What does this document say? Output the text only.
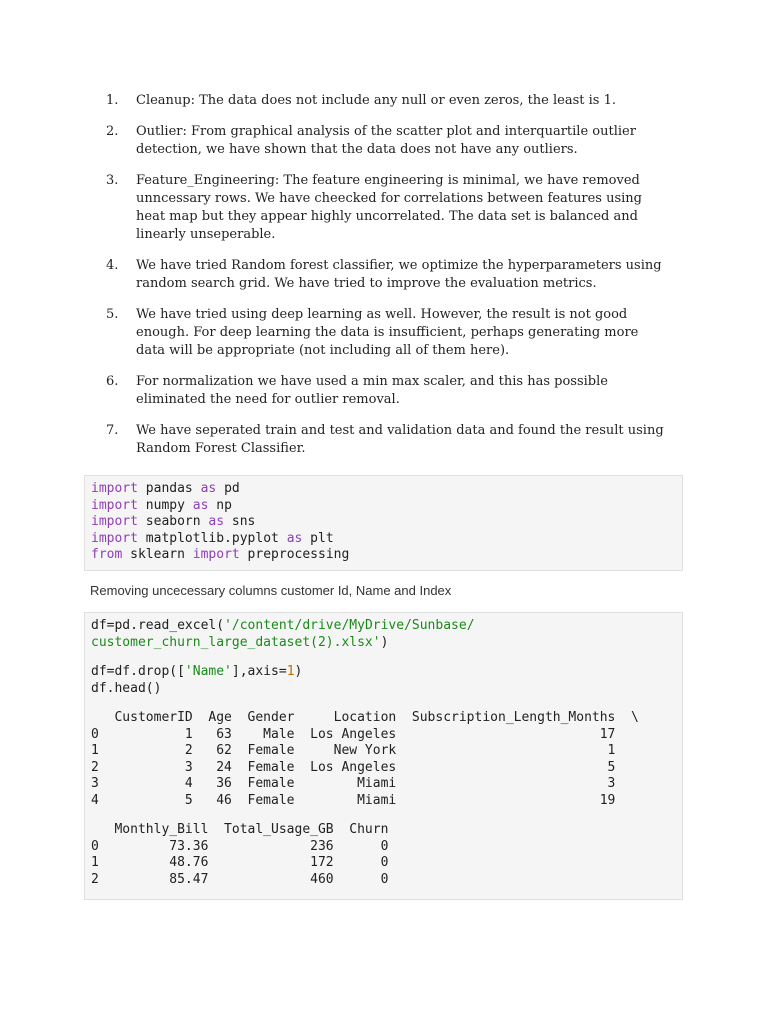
1. Cleanup: The data does not include any null or even zeros, the least is 1.
2. Outlier: From graphical analysis of the scatter plot and interquartile outlier detection, we have shown that the data does not have any outliers.
3. Feature_Engineering: The feature engineering is minimal, we have removed unncessary rows. We have cheecked for correlations between features using heat map but they appear highly uncorrelated. The data set is balanced and linearly unseperable.
4. We have tried Random forest classifier, we optimize the hyperparameters using random search grid. We have tried to improve the evaluation metrics.
5. We have tried using deep learning as well. However, the result is not good enough. For deep learning the data is insufficient, perhaps generating more data will be appropriate (not including all of them here).
6. For normalization we have used a min max scaler, and this has possible eliminated the need for outlier removal.
7. We have seperated train and test and validation data and found the result using Random Forest Classifier.
import pandas as pd
import numpy as np
import seaborn as sns
import matplotlib.pyplot as plt
from sklearn import preprocessing
Removing uncecessary columns customer Id, Name and Index
df=pd.read_excel('/content/drive/MyDrive/Sunbase/
customer_churn_large_dataset(2).xlsx')
df=df.drop(['Name'],axis=1)
df.head()
CustomerID  Age  Gender     Location  Subscription_Length_Months  \
0           1   63    Male  Los Angeles                          17
1           2   62  Female     New York                           1
2           3   24  Female  Los Angeles                           5
3           4   36  Female        Miami                           3
4           5   46  Female        Miami                          19
Monthly_Bill  Total_Usage_GB  Churn
0         73.36             236      0
1         48.76             172      0
2         85.47             460      0
